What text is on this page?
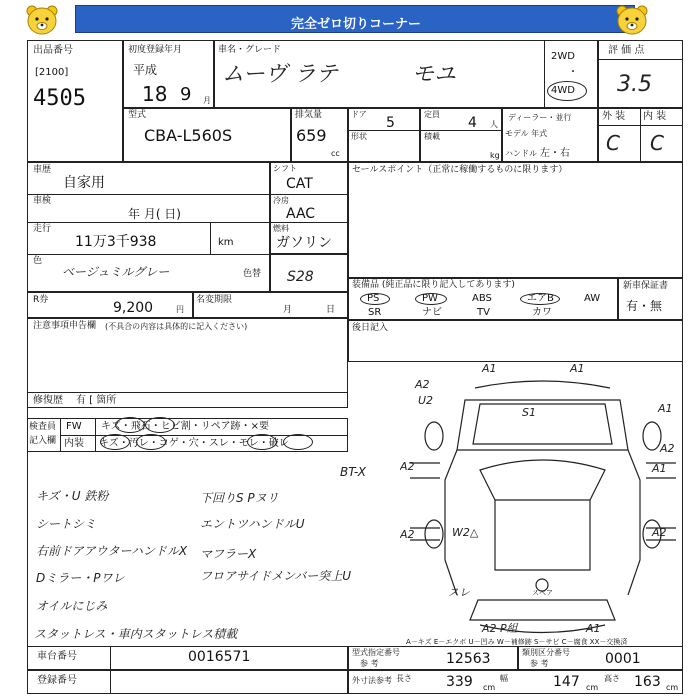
完全ゼロ切りコーナー
出品番号
[2100]
4505
初度登録年月
平成
18 9 月
車名・グレード
ムーヴ ラテ	モユ
2WD
・
4WD
評 価 点
3.5
型式
CBA-L560S
排気量
659
cc
ドア
5
形状
定員
4 人
積載
kg
ディーラー・並行
モデル 年式
ハンドル 左・右
外 装 内 装
C C
車歴
自家用
車検
年 月( 日)
走行
11万3千938	km
色
ベージュミルグレー	色替
シフト
CAT
冷房
AAC
燃料
ガソリン
S28
R券	9,200	円
名変期限
月	日
セールスポイント（正常に稼働するものに限ります）
装備品 (純正品に限り記入してあります)
PS	PW	ABS	エアB	AW
SR	ナビ	TV	カワ
新車保証書
有・無
注意事項申告欄 (不具合の内容は具体的に記入ください)
修復歴 有 [ 箇所
後日記入
検査員
記入欄
FW
内装
キズ・飛石・ヒビ割・リペア跡・×要
キズ・汚レ・コゲ・穴・スレ・モレ・破レ
キズ・U 鉄粉
シートシミ
右前ドアアウターハンドルX
Dミラー・Pワレ
オイルにじみ
スタットレス・車内スタットレス積載
BT-X
下回りS Pヌリ
エントツハンドルU
マフラーX
フロアサイドメンバー突上U
A1	A1
A2
U2
A1
S1
A2
A1
A2
A2	W2△	A2
スレ
A2 P組	A1
スペア
A－キズ E－エクボ U－凹み W－補修跡 S－サビ C－腐食 XX－交換済
車台番号	0016571
登録番号
型式指定番号
参 考	12563	類別区分番号
参 考	0001
外寸法参考 長さ 339 cm
幅	147 cm
高さ 163 cm
